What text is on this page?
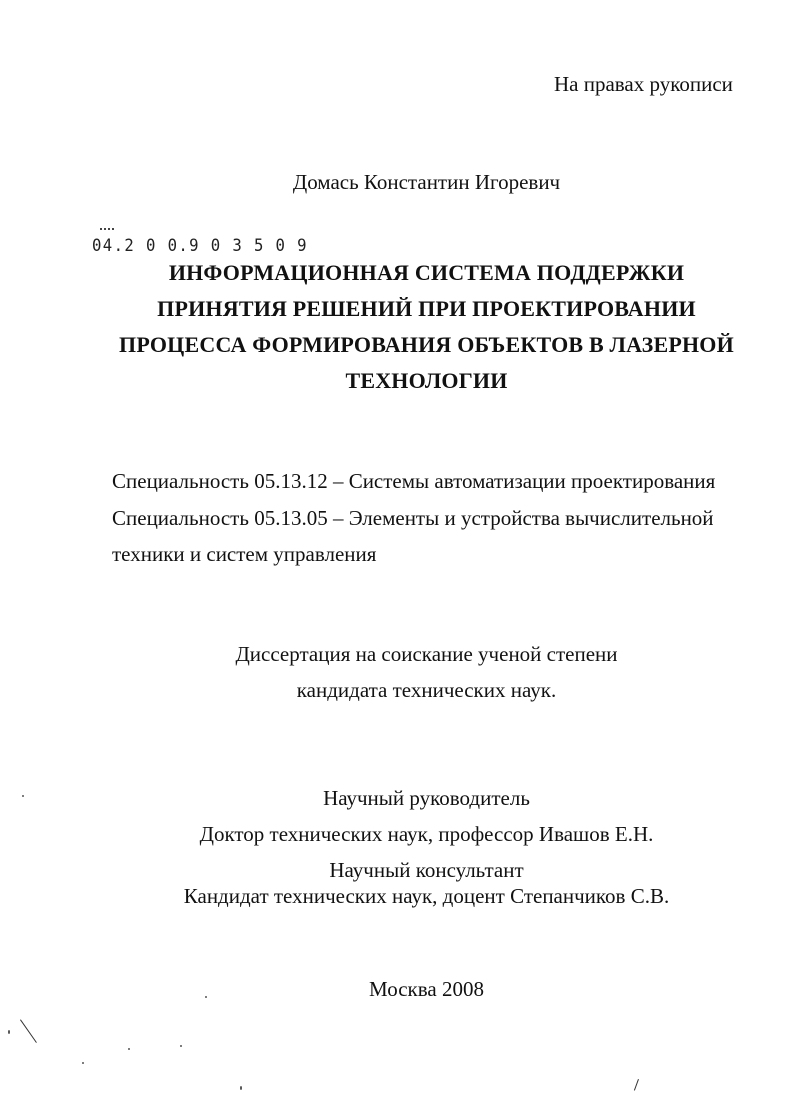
На правах рукописи
Домась Константин Игоревич
04.2 0 0.9 0 3 5 0 9
ИНФОРМАЦИОННАЯ СИСТЕМА ПОДДЕРЖКИ
ПРИНЯТИЯ РЕШЕНИЙ ПРИ ПРОЕКТИРОВАНИИ
ПРОЦЕССА ФОРМИРОВАНИЯ ОБЪЕКТОВ В ЛАЗЕРНОЙ
ТЕХНОЛОГИИ
Специальность 05.13.12 – Системы автоматизации проектирования
Специальность 05.13.05 – Элементы и устройства вычислительной
техники и систем управления
Диссертация на соискание ученой степени
кандидата технических наук.
Научный руководитель
Доктор технических наук, профессор Ивашов Е.Н.
Научный консультант
Кандидат технических наук, доцент Степанчиков С.В.
Москва 2008
